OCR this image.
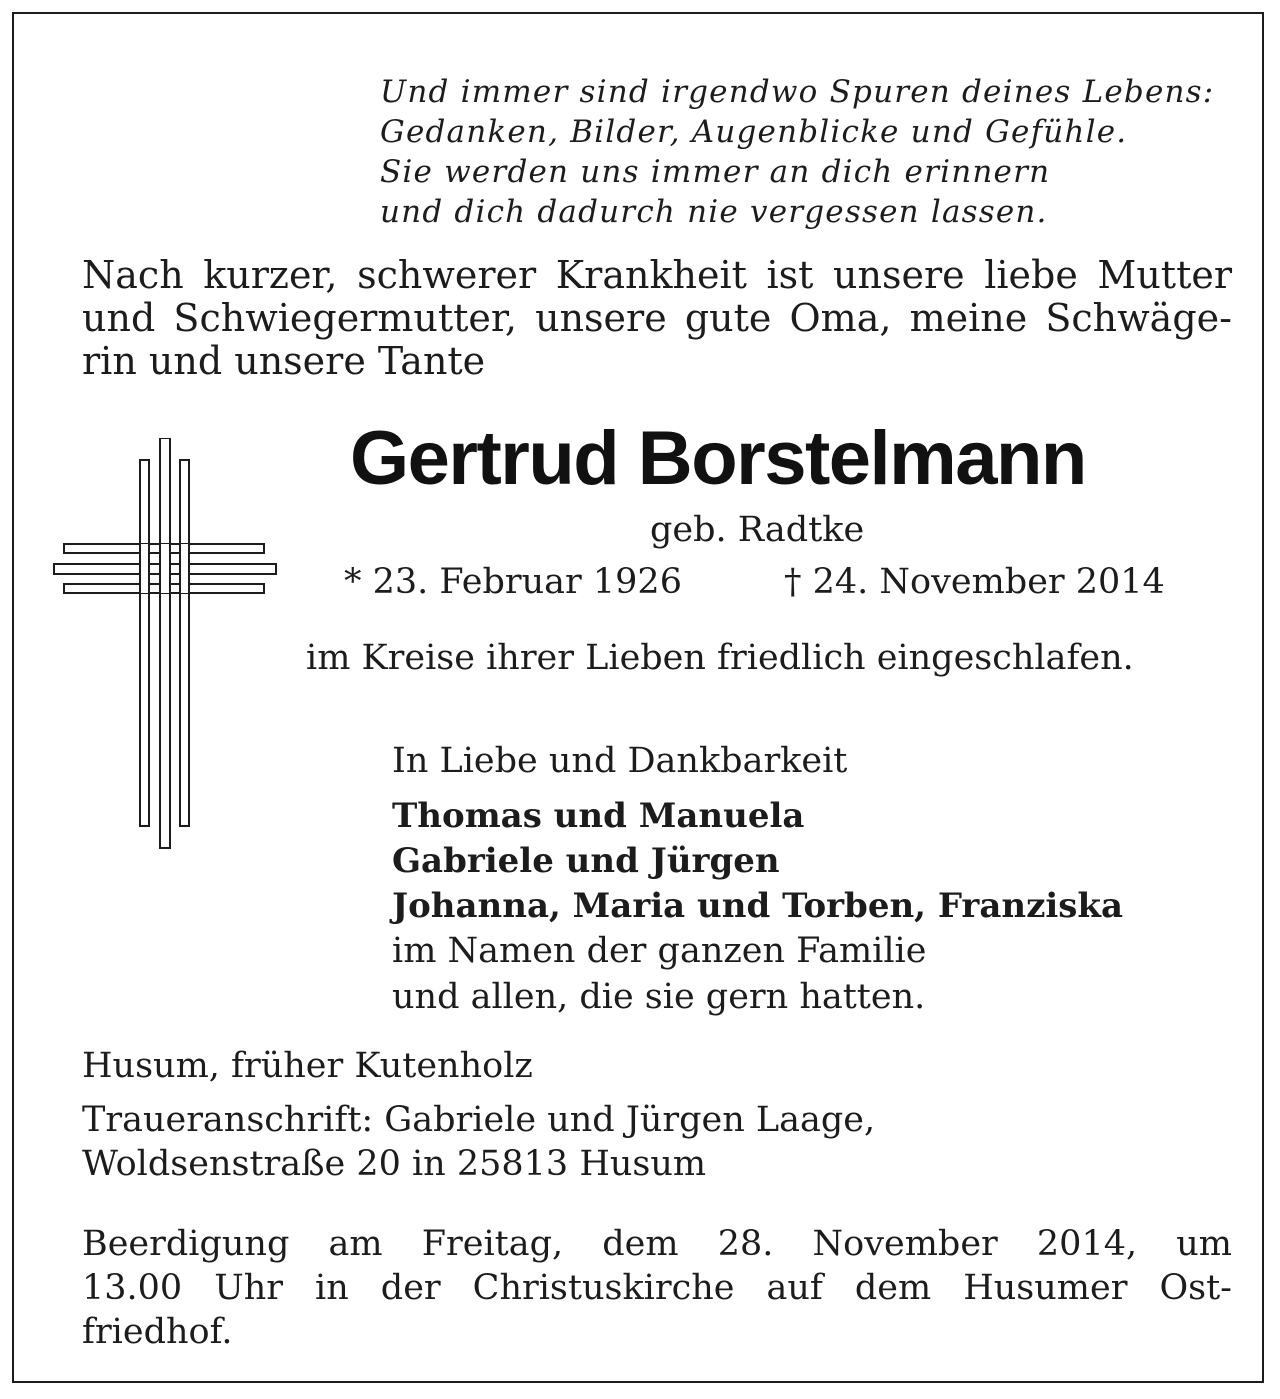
Und immer sind irgendwo Spuren deines Lebens:
Gedanken, Bilder, Augenblicke und Gefühle.
Sie werden uns immer an dich erinnern
und dich dadurch nie vergessen lassen.
Nach kurzer, schwerer Krankheit ist unsere liebe Mutter
und Schwiegermutter, unsere gute Oma, meine Schwäge-
rin und unsere Tante
Gertrud Borstelmann
geb. Radtke
* 23. Februar 1926	† 24. November 2014
im Kreise ihrer Lieben friedlich eingeschlafen.
In Liebe und Dankbarkeit
Thomas und Manuela
Gabriele und Jürgen
Johanna, Maria und Torben, Franziska
im Namen der ganzen Familie
und allen, die sie gern hatten.
Husum, früher Kutenholz
Traueranschrift: Gabriele und Jürgen Laage,
Woldsenstraße 20 in 25813 Husum
Beerdigung am Freitag, dem 28. November 2014, um
13.00 Uhr in der Christuskirche auf dem Husumer Ost-
friedhof.
